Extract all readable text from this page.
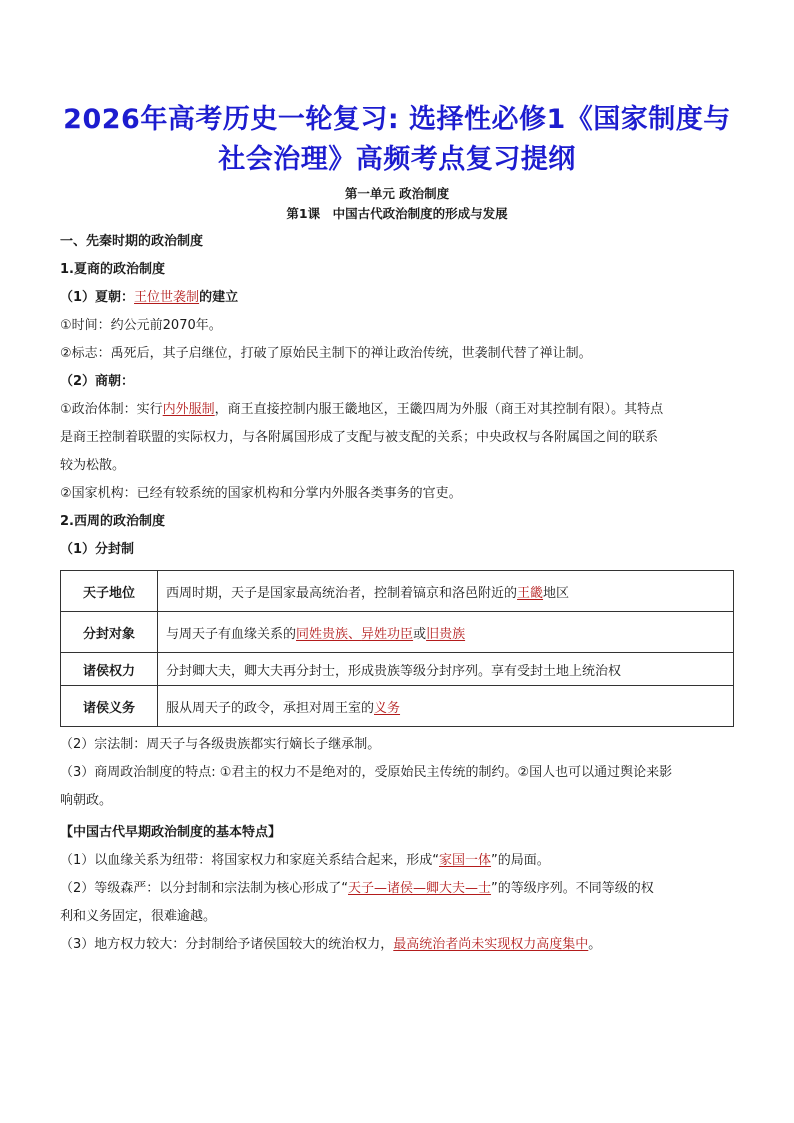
2026年高考历史一轮复习: 选择性必修1《国家制度与
社会治理》高频考点复习提纲

第一单元 政治制度

第1课　中国古代政治制度的形成与发展

一、先秦时期的政治制度

1.夏商的政治制度

（1）夏朝：王位世袭制的建立

①时间：约公元前2070年。

②标志：禹死后，其子启继位，打破了原始民主制下的禅让政治传统，世袭制代替了禅让制。

（2）商朝：

①政治体制：实行内外服制，商王直接控制内服王畿地区，王畿四周为外服（商王对其控制有限）。其特点

是商王控制着联盟的实际权力，与各附属国形成了支配与被支配的关系；中央政权与各附属国之间的联系

较为松散。

②国家机构：已经有较系统的国家机构和分掌内外服各类事务的官吏。

2.西周的政治制度

（1）分封制

天子地位	西周时期，天子是国家最高统治者，控制着镐京和洛邑附近的王畿地区
分封对象	与周天子有血缘关系的同姓贵族、异姓功臣或旧贵族
诸侯权力	分封卿大夫，卿大夫再分封士，形成贵族等级分封序列。享有受封土地上统治权
诸侯义务	服从周天子的政令，承担对周王室的义务

（2）宗法制：周天子与各级贵族都实行嫡长子继承制。

（3）商周政治制度的特点: ①君主的权力不是绝对的，受原始民主传统的制约。②国人也可以通过舆论来影

响朝政。

【中国古代早期政治制度的基本特点】

（1）以血缘关系为纽带：将国家权力和家庭关系结合起来，形成“家国一体”的局面。

（2）等级森严：以分封制和宗法制为核心形成了“天子—诸侯—卿大夫—士”的等级序列。不同等级的权

利和义务固定，很难逾越。

（3）地方权力较大：分封制给予诸侯国较大的统治权力，最高统治者尚未实现权力高度集中。
